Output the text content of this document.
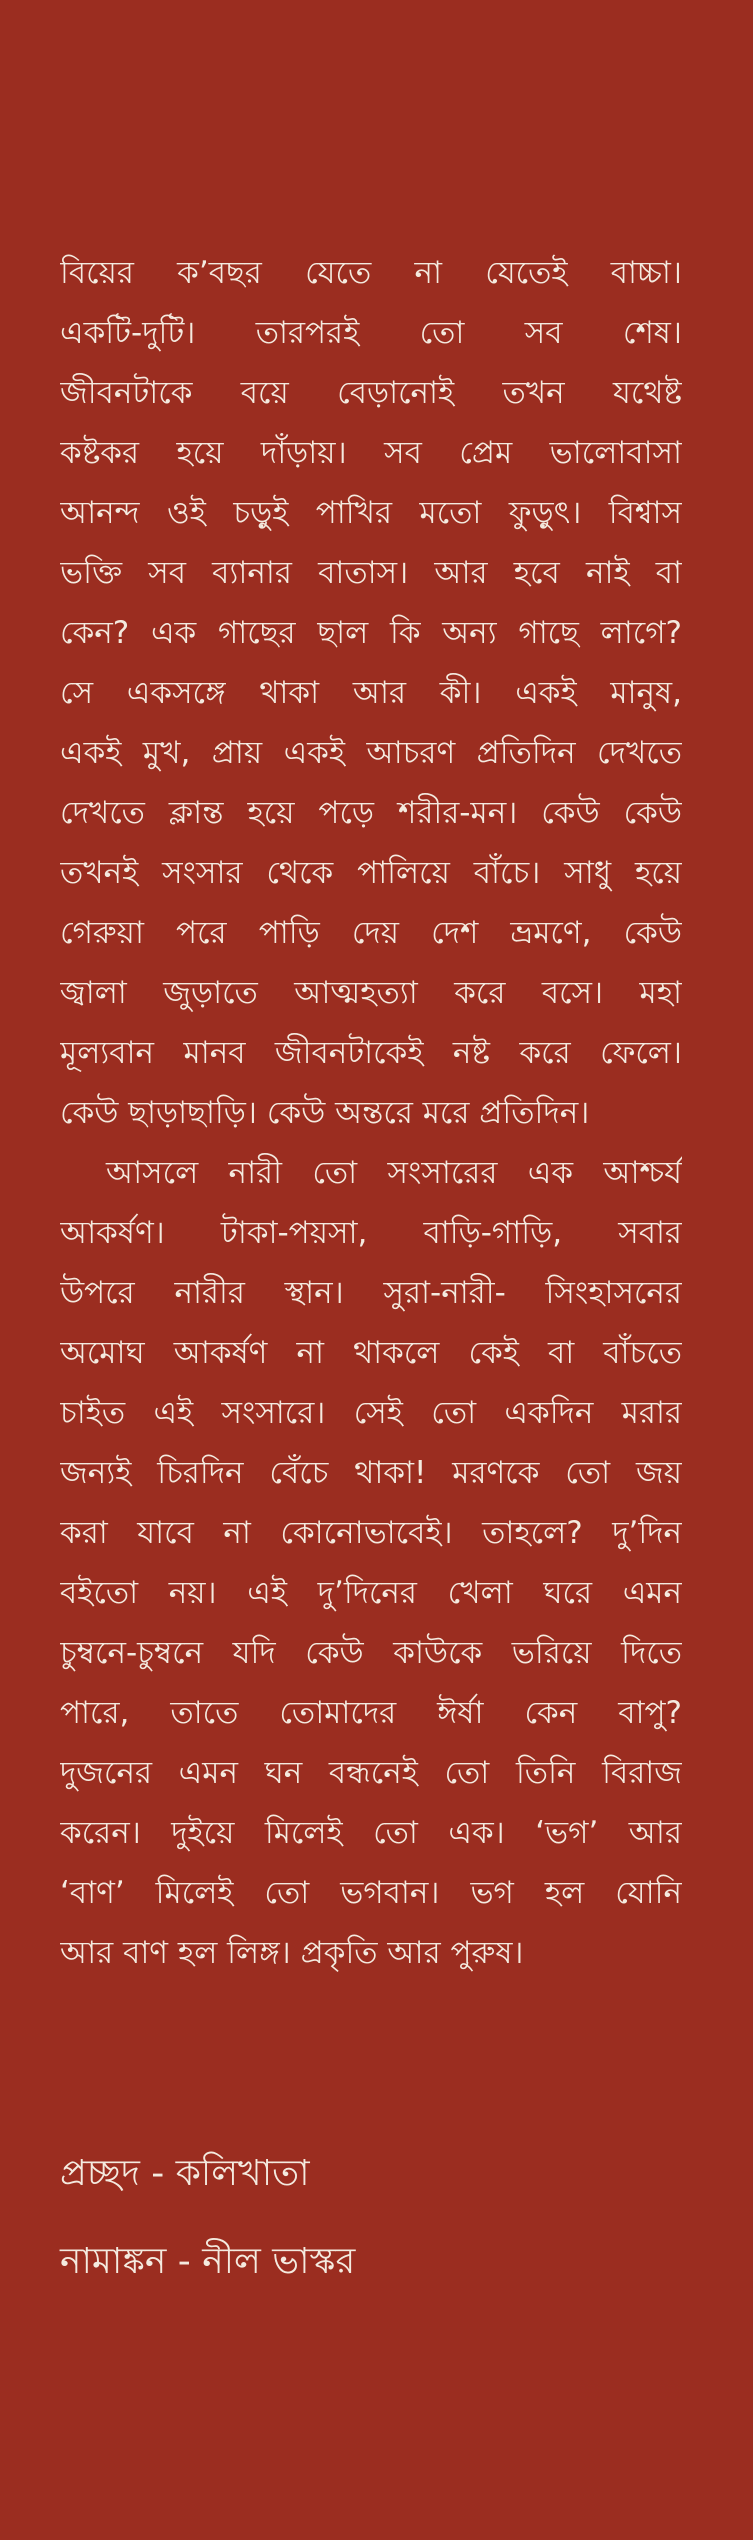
বিয়ের ক’বছর যেতে না যেতেই বাচ্চা।
একটি-দুটি। তারপরই তো সব শেষ।
জীবনটাকে বয়ে বেড়ানোই তখন যথেষ্ট
কষ্টকর হয়ে দাঁড়ায়। সব প্রেম ভালোবাসা
আনন্দ ওই চড়ুই পাখির মতো ফুড়ুৎ। বিশ্বাস
ভক্তি সব ব্যানার বাতাস। আর হবে নাই বা
কেন? এক গাছের ছাল কি অন্য গাছে লাগে?
সে একসঙ্গে থাকা আর কী। একই মানুষ,
একই মুখ, প্রায় একই আচরণ প্রতিদিন দেখতে
দেখতে ক্লান্ত হয়ে পড়ে শরীর-মন। কেউ কেউ
তখনই সংসার থেকে পালিয়ে বাঁচে। সাধু হয়ে
গেরুয়া পরে পাড়ি দেয় দেশ ভ্রমণে, কেউ
জ্বালা জুড়াতে আত্মহত্যা করে বসে। মহা
মূল্যবান মানব জীবনটাকেই নষ্ট করে ফেলে।
কেউ ছাড়াছাড়ি। কেউ অন্তরে মরে প্রতিদিন।
আসলে নারী তো সংসারের এক আশ্চর্য
আকর্ষণ। টাকা-পয়সা, বাড়ি-গাড়ি, সবার
উপরে নারীর স্থান। সুরা-নারী- সিংহাসনের
অমোঘ আকর্ষণ না থাকলে কেই বা বাঁচতে
চাইত এই সংসারে। সেই তো একদিন মরার
জন্যই চিরদিন বেঁচে থাকা! মরণকে তো জয়
করা যাবে না কোনোভাবেই। তাহলে? দু’দিন
বইতো নয়। এই দু’দিনের খেলা ঘরে এমন
চুম্বনে-চুম্বনে যদি কেউ কাউকে ভরিয়ে দিতে
পারে, তাতে তোমাদের ঈর্ষা কেন বাপু?
দুজনের এমন ঘন বন্ধনেই তো তিনি বিরাজ
করেন। দুইয়ে মিলেই তো এক। ‘ভগ’ আর
‘বাণ’ মিলেই তো ভগবান। ভগ হল যোনি
আর বাণ হল লিঙ্গ। প্রকৃতি আর পুরুষ।
প্রচ্ছদ - কলিখাতা
নামাঙ্কন - নীল ভাস্কর
